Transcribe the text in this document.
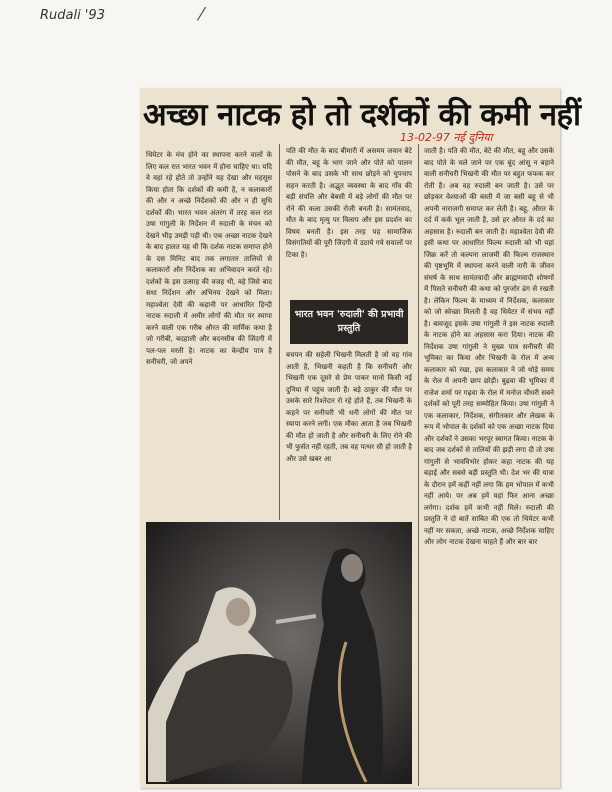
Rudali '93	⁄
अच्छा नाटक हो तो दर्शकों की कमी नहीं
13-02-97 नई दुनिया

थियेटर के मंच होने का स्थापना करने वालों के लिए कल रात भारत भवन में होना चाहिए था। यदि वे वहां रहे होते तो उन्होंने यह देखा और महसूस किया होता कि दर्शकों की कमी है, न कलाकारों की और न अच्छे निर्देशकों की और न ही सुधि दर्शकों की। भारत भवन अंतरंग में तरह कल रात उषा गांगुली के निर्देशन में रुदाली के मंचन को देखने भीड़ उमड़ी पड़ी थी। एक अच्छा नाटक देखने के बाद हालत यह थी कि दर्शक नाटक समाप्त होने के दस मिनिट बाद तक लगातार तालियों से कलाकारों और निर्देशक का अभिवादन करते रहे। दर्शकों के इस उत्साह की वजह थी, वहे जिसे बाद सधा निर्देशन और अभिनय देखने को मिला। महाश्वेता देवी की कहानी पर आधारित हिन्दी नाटक रुदाली में अमीर लोगों की मौत पर स्यापा करने वाली एक गरीब औरत की मार्मिक कथा है जो गरीबी, बदहाली और बदनसीब की जिंदगी में पल-पल मरती है। नाटक का केन्द्रीय पात्र है सनीचरी, जो अपने

पति की मौत के बाद बीमारी में असमय जवान बेटे की मौत, बहू के भाग जाने और पोते को पालन पोसने के बाद उसके भी साथ छोड़ने को चुपचाप सहन करती है। अद्भुत व्यवस्था के बाद गाँव की बड़ी संपत्ति और बेबसी में बड़े लोगों की मौत पर रोने की कला उसकी रोजी बनती है। सामंतवाद, मौत के बाद मृत्यु पर विलाप और इस प्रदर्शन का विषय बनती है। इस तरह यह सामाजिक विसंगतियों की पूरी जिंदगी में उठाये गये सवालों पर टिका है।

भारत भवन 'रुदाली' की प्रभावी प्रस्तुति

बचपन की सहेली भिखनी मिलती है जो वह गांव आती है, भिखनी कहती है कि सनीचरी और भिखनी एक दूसरे से प्रेम पाकर मानो किसी नई दुनिया में पहुंच जाती हैं। बड़े ठाकुर की मौत पर उसके सारे रिश्तेदार रो रहे होते हैं, तब भिखनी के कहने पर सनीचरी भी धनी लोगों की मौत पर स्यापा करने लगी। एक मौका आता है जब भिखनी की मौत हो जाती है और सनीचरी के लिए रोने की भी फुर्सत नहीं रहती, तब वह पत्थर सी हो जाती है और उसे खबर आ

जाती है। पति की मौत, बेटे की मौत, बहू और उसके बाद पोते के चले जाने पर एक बूंद आंसू न बहाने वाली सनीचरी भिखनी की मौत पर बहुत फफक कर रोती है। अब वह रुदाली बन जाती है। उसे पर छोड़कर वेश्याओं की बस्ती में जा बसी बहू से भी अपनी नाराजगी समाप्त कर लेती है। बहू, औरत के दर्द में कर्क भूल जाती है, उसे हर औरत के दर्द का अहसास है। रुदाली बन जाती है। महाश्वेता देवी की इसी कथा पर आधारित फिल्म रुदाली को भी यहां जिक्र करें तो कल्पना लाजमी की फिल्म राजस्थान की पृष्ठभूमि में स्थापना करने वाली नारी के जीवन संघर्ष के साथ सामंतवादी और ब्राह्मणवादी शोषणों में पिसते सनीचरी की कथा को पुरजोर ढंग से रखती है। लेकिन फिल्म के माध्यम में निर्देशक, कलाकार को जो स्वेच्छा मिलती है वह थियेटर में संभव नहीं है। बावजूद इसके उषा गांगुली ने इस नाटक रुदाली के नाटक होने का अहसास करा दिया। नाटक की निर्देशक उषा गांगुली ने मुख्य पात्र सनीचरी की भूमिका का किया और भिखनी के रोल में अन्य कलाकार को रखा, इस कलाकार ने जो थोड़े समय के रोल में अपनी छाप छोड़ी। बुढ़वा की भूमिका में राजेश शर्मा पर गढ़वा के रोल में मनोज चौधरी सबने दर्शकों को पूरी तरह सम्मोहित किया। उषा गांगुली ने एक कलाकार, निर्देशक, संगीतकार और लेखक के रूप में भोपाल के दर्शकों को एक अच्छा नाटक दिया और दर्शकों ने उसका भरपूर स्वागत किया। नाटक के बाद जब दर्शकों से तालियों की झड़ी लगा दी तो उषा गांगुली से भावविभोर होकर कहा नाटक की यह बड़ाई और सबसे बड़ी प्रस्तुति थी। देश भर की यात्रा के दौरान हमें कहीं नहीं लगा कि हम भोपाल में कभी नहीं आये। पर अब हमें यहां फिर आना अच्छा लगेगा। दर्शक हमें कभी नहीं मिले। रुदाली की प्रस्तुति ने दो बातें साबित की एक तो थियेटर कभी नहीं मर सकता, अच्छे नाटक, अच्छे निर्देशक चाहिए और लोग नाटक देखना चाहते हैं और बार बार
